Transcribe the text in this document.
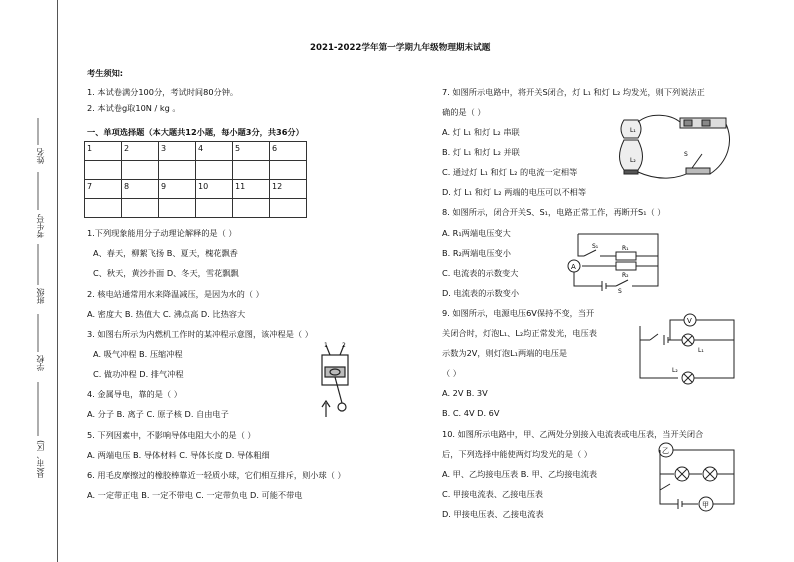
姓名
考生号
班级
学校
县(市、区)
2021-2022学年第一学期九年级物理期末试题
考生须知:
1. 本试卷满分100分，考试时间80分钟。
2. 本试卷g取10N / kg 。
一、单项选择题（本大题共12小题，每小题3分，共36分）
1	2	3	4	5	6

7	8	9	10	11	12

1.下列现象能用分子动理论解释的是（ ）
A、春天，柳絮飞扬 B、夏天，槐花飘香
C、秋天，黄沙扑面 D、冬天，雪花飘飘
2. 核电站通常用水来降温减压，是因为水的（ ）
A. 密度大 B. 热值大 C. 沸点高 D. 比热容大
3. 如图右所示为内燃机工作时的某冲程示意图，该冲程是（ ）
A. 吸气冲程 B. 压缩冲程
C. 做功冲程 D. 排气冲程
4. 金属导电，靠的是（ ）
A. 分子 B. 离子 C. 原子核 D. 自由电子
5. 下列因素中，不影响导体电阻大小的是（ ）
A. 两端电压 B. 导体材料 C. 导体长度 D. 导体粗细
6. 用毛皮摩擦过的橡胶棒靠近一轻质小球，它们相互排斥，则小球（ ）
A. 一定带正电 B. 一定不带电 C. 一定带负电 D. 可能不带电
1 2
7. 如图所示电路中，将开关S闭合，灯 L₁ 和灯 L₂ 均发光，则下列说法正
确的是（ ）
A. 灯 L₁ 和灯 L₂ 串联
B. 灯 L₁ 和灯 L₂ 并联
C. 通过灯 L₁ 和灯 L₂ 的电流一定相等
D. 灯 L₁ 和灯 L₂ 两端的电压可以不相等
8. 如图所示，闭合开关S、S₁，电路正常工作，再断开S₁（ ）
A. R₁两端电压变大
B. R₂两端电压变小
C. 电流表的示数变大
D. 电流表的示数变小
9. 如图所示，电源电压6V保持不变，当开
关闭合时，灯泡L₁、L₂均正常发光，电压表
示数为2V，则灯泡L₁两端的电压是
（ ）
A. 2V B. 3V
B. C. 4V D. 6V
10. 如图所示电路中，甲、乙两处分别接入电流表或电压表，当开关闭合
后，下列选择中能使两灯均发光的是（ ）
A. 甲、乙均接电压表 B. 甲、乙均接电流表
C. 甲接电流表、乙接电压表
D. 甲接电压表、乙接电流表
L₁
L₂
S
S₁	R₁
R₂
A
S
V
L₁
L₂
乙
甲
